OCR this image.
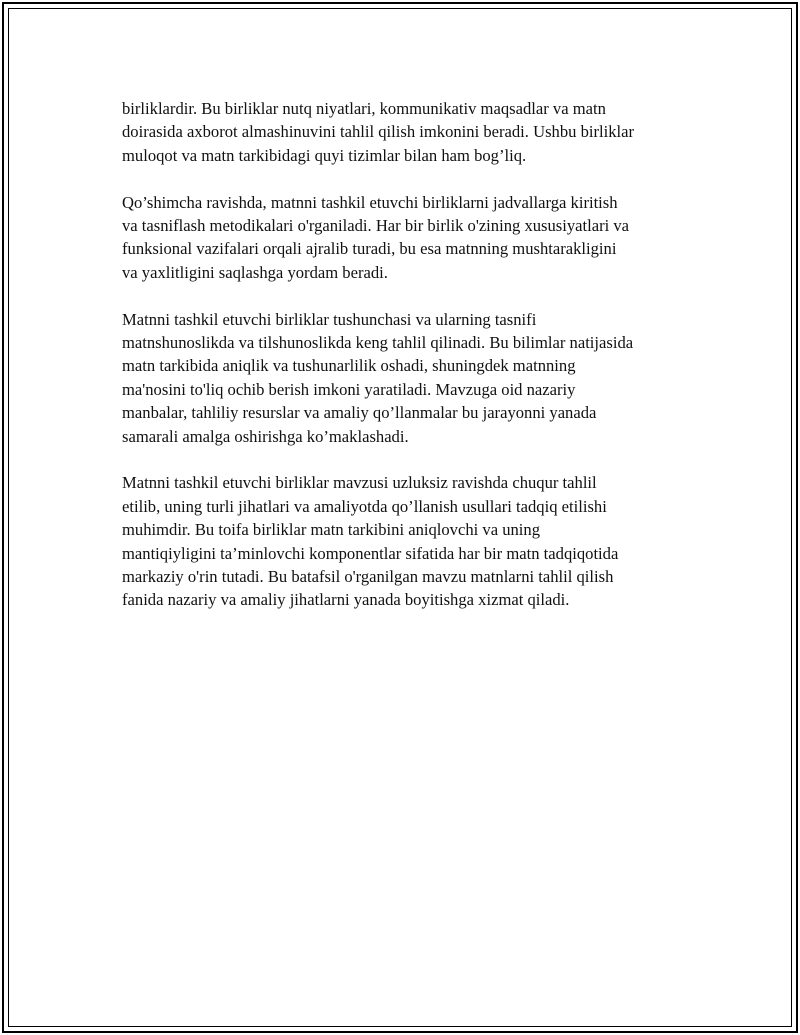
birliklardir. Bu birliklar nutq niyatlari, kommunikativ maqsadlar va matn
doirasida axborot almashinuvini tahlil qilish imkonini beradi. Ushbu birliklar
muloqot va matn tarkibidagi quyi tizimlar bilan ham bog’liq.

Qo’shimcha ravishda, matnni tashkil etuvchi birliklarni jadvallarga kiritish
va tasniflash metodikalari o'rganiladi. Har bir birlik o'zining xususiyatlari va
funksional vazifalari orqali ajralib turadi, bu esa matnning mushtarakligini
va yaxlitligini saqlashga yordam beradi.

Matnni tashkil etuvchi birliklar tushunchasi va ularning tasnifi
matnshunoslikda va tilshunoslikda keng tahlil qilinadi. Bu bilimlar natijasida
matn tarkibida aniqlik va tushunarlilik oshadi, shuningdek matnning
ma'nosini to'liq ochib berish imkoni yaratiladi. Mavzuga oid nazariy
manbalar, tahliliy resurslar va amaliy qo’llanmalar bu jarayonni yanada
samarali amalga oshirishga ko’maklashadi.

Matnni tashkil etuvchi birliklar mavzusi uzluksiz ravishda chuqur tahlil
etilib, uning turli jihatlari va amaliyotda qo’llanish usullari tadqiq etilishi
muhimdir. Bu toifa birliklar matn tarkibini aniqlovchi va uning
mantiqiyligini ta’minlovchi komponentlar sifatida har bir matn tadqiqotida
markaziy o'rin tutadi. Bu batafsil o'rganilgan mavzu matnlarni tahlil qilish
fanida nazariy va amaliy jihatlarni yanada boyitishga xizmat qiladi.
